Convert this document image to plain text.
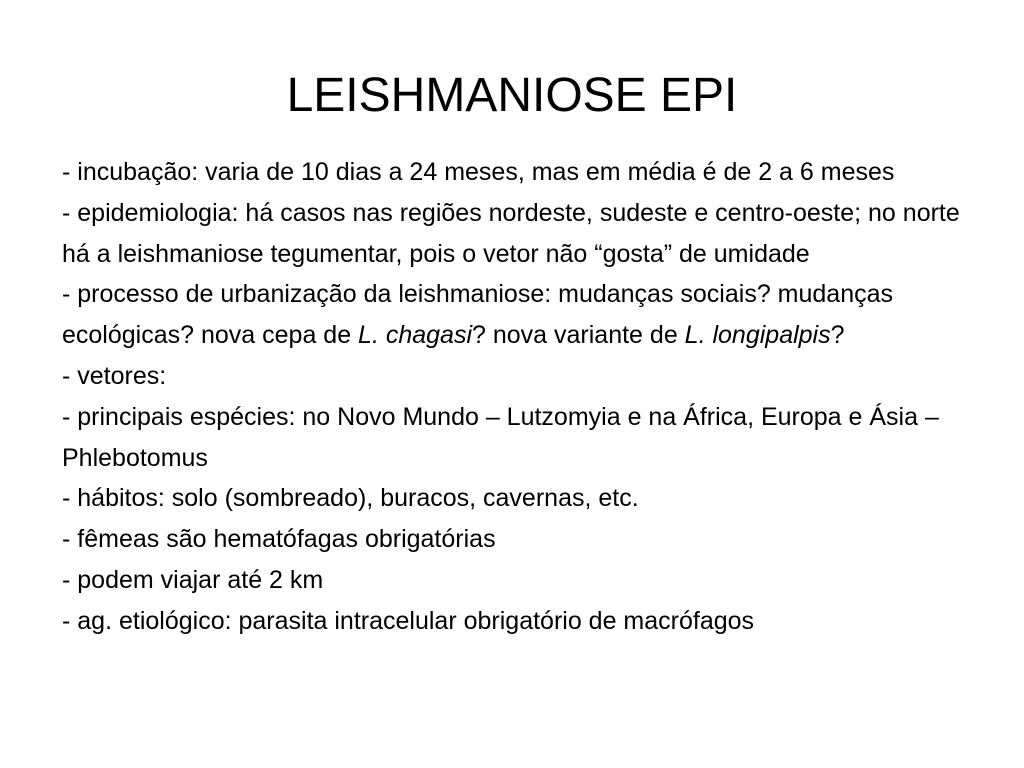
LEISHMANIOSE EPI
- incubação: varia de 10 dias a 24 meses, mas em média é de 2 a 6 meses
- epidemiologia: há casos nas regiões nordeste, sudeste e centro-oeste; no norte há a leishmaniose tegumentar, pois o vetor não “gosta” de umidade
- processo de urbanização da leishmaniose: mudanças sociais? mudanças ecológicas? nova cepa de L. chagasi? nova variante de L. longipalpis?
- vetores:
- principais espécies: no Novo Mundo – Lutzomyia e na África, Europa e Ásia – Phlebotomus
- hábitos: solo (sombreado), buracos, cavernas, etc.
- fêmeas são hematófagas obrigatórias
- podem viajar até 2 km
- ag. etiológico: parasita intracelular obrigatório de macrófagos
